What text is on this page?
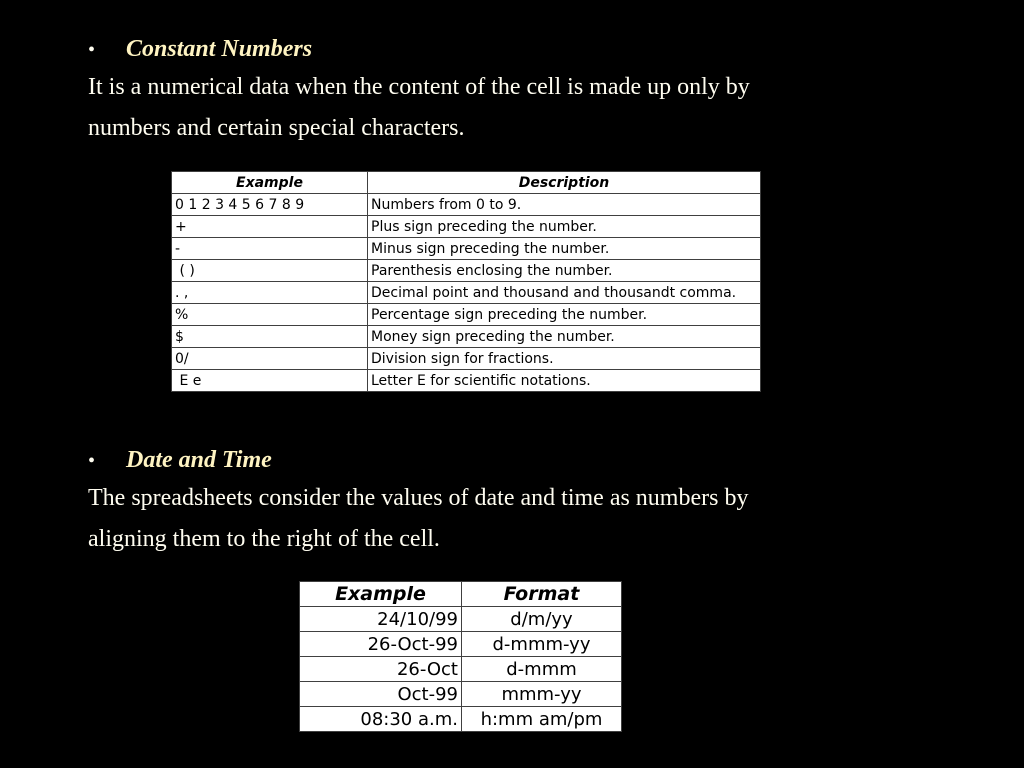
•	Constant Numbers
It is a numerical data when the content of the cell is made up only by
numbers and certain special characters.
Example	Description
0 1 2 3 4 5 6 7 8 9	Numbers from 0 to 9.
+	Plus sign preceding the number.
-	Minus sign preceding the number.
( )	Parenthesis enclosing the number.
. ,	Decimal point and thousand and thousandt comma.
%	Percentage sign preceding the number.
$	Money sign preceding the number.
0/	Division sign for fractions.
E e	Letter E for scientific notations.
•	Date and Time
The spreadsheets consider the values of date and time as numbers by
aligning them to the right of the cell.
Example	Format
24/10/99	d/m/yy
26-Oct-99	d-mmm-yy
26-Oct	d-mmm
Oct-99	mmm-yy
08:30 a.m.	h:mm am/pm
